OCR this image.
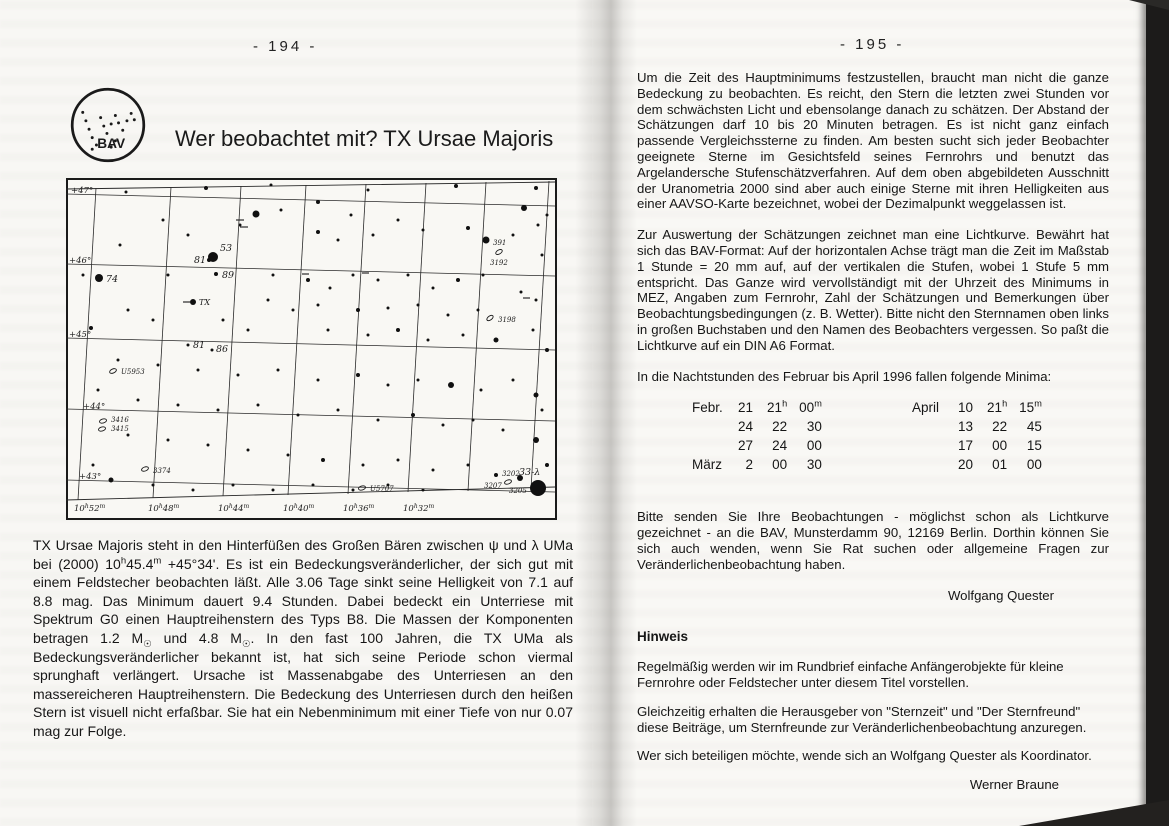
- 194 -
BAV Wer beobachtet mit? TX Ursae Majoris
+47°
+46°
+45°
+44°
+43°
10$^h$52$^m$	10$^h$48$^m$	10$^h$44$^m$	10$^h$40$^m$	10$^h$36$^m$	10$^h$32$^m$
74
81
53
89
TX
81 86
33-λ
U5953
3416
3415
3374
U5707
391
3192
3198
3202
3207
3205

TX Ursae Majoris steht in den Hinterfüßen des Großen Bären zwischen ψ und λ UMa bei (2000) $10^h45.4^m +45^\circ 34'$. Es ist ein Bedeckungsveränderlicher, der sich gut mit einem Feldstecher beobachten läßt. Alle 3.06 Tage sinkt seine Helligkeit von 7.1 auf 8.8 mag. Das Minimum dauert 9.4 Stunden. Dabei bedeckt ein Unterriese mit Spektrum G0 einen Hauptreihenstern des Typs B8. Die Massen der Komponenten betragen 1.2 $M_☉$ und 4.8 $M_☉$. In den fast 100 Jahren, die TX UMa als Bedeckungsveränderlicher bekannt ist, hat sich seine Periode schon viermal sprunghaft verlängert. Ursache ist Massenabgabe des Unterriesen an den massereicheren Hauptreihenstern. Die Bedeckung des Unterriesen durch den heißen Stern ist visuell nicht erfaßbar. Sie hat ein Nebenminimum mit einer Tiefe von nur 0.07 mag zur Folge.

- 195 -

Um die Zeit des Hauptminimums festzustellen, braucht man nicht die ganze Bedeckung zu beobachten. Es reicht, den Stern die letzten zwei Stunden vor dem schwächsten Licht und ebensolange danach zu schätzen. Der Abstand der Schätzungen darf 10 bis 20 Minuten betragen. Es ist nicht ganz einfach passende Vergleichssterne zu finden. Am besten sucht sich jeder Beobachter geeignete Sterne im Gesichtsfeld seines Fernrohrs und benutzt das Argelandersche Stufenschätzverfahren. Auf dem oben abgebildeten Ausschnitt der Uranometria 2000 sind aber auch einige Sterne mit ihren Helligkeiten aus einer AAVSO-Karte bezeichnet, wobei der Dezimalpunkt weggelassen ist.

Zur Auswertung der Schätzungen zeichnet man eine Lichtkurve. Bewährt hat sich das BAV-Format: Auf der horizontalen Achse trägt man die Zeit im Maßstab 1 Stunde = 20 mm auf, auf der vertikalen die Stufen, wobei 1 Stufe 5 mm entspricht. Das Ganze wird vervollständigt mit der Uhrzeit des Minimums in MEZ, Angaben zum Fernrohr, Zahl der Schätzungen und Bemerkungen über Beobachtungsbedingungen (z. B. Wetter). Bitte nicht den Sternnamen oben links in großen Buchstaben und den Namen des Beobachters vergessen. So paßt die Lichtkurve auf ein DIN A6 Format.

In die Nachtstunden des Februar bis April 1996 fallen folgende Minima:

Febr.	21	21$^h$	00$^m$
	24	22	30
	27	24	00
März	2	00	30
April	10	21$^h$	15$^m$
	13	22	45
	17	00	15
	20	01	00

Bitte senden Sie Ihre Beobachtungen - möglichst schon als Lichtkurve gezeichnet - an die BAV, Munsterdamm 90, 12169 Berlin. Dorthin können Sie sich auch wenden, wenn Sie Rat suchen oder allgemeine Fragen zur Veränderlichenbeobachtung haben.

Wolfgang Quester
Hinweis

Regelmäßig werden wir im Rundbrief einfache Anfängerobjekte für kleine Fernrohre oder Feldstecher unter diesem Titel vorstellen.

Gleichzeitig erhalten die Herausgeber von "Sternzeit" und "Der Sternfreund" diese Beiträge, um Sternfreunde zur Veränderlichenbeobachtung anzuregen.

Wer sich beteiligen möchte, wende sich an Wolfgang Quester als Koordinator.

Werner Braune
